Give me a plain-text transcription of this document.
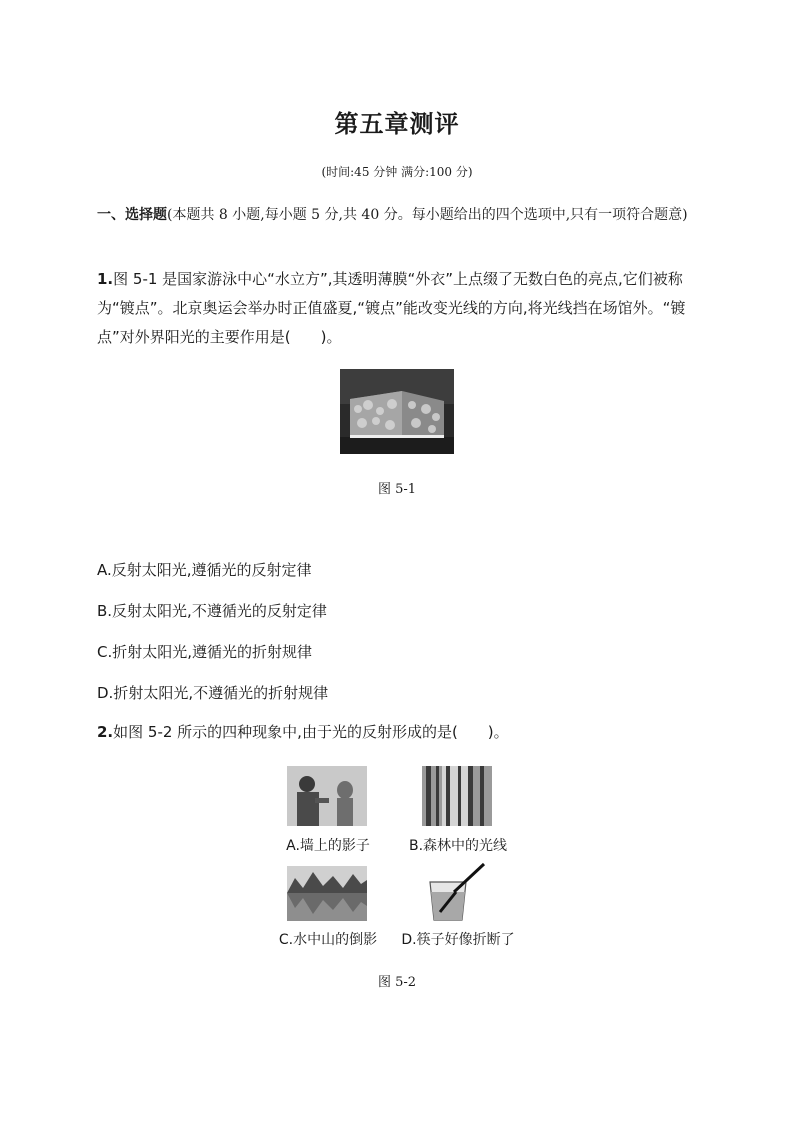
第五章测评
(时间:45 分钟 满分:100 分)
一、选择题(本题共 8 小题,每小题 5 分,共 40 分。每小题给出的四个选项中,只有一项符合题意)
1.图 5-1 是国家游泳中心“水立方”,其透明薄膜“外衣”上点缀了无数白色的亮点,它们被称为“镀点”。北京奥运会举办时正值盛夏,“镀点”能改变光线的方向,将光线挡在场馆外。“镀点”对外界阳光的主要作用是(　　)。
图 5-1
A.反射太阳光,遵循光的反射定律
B.反射太阳光,不遵循光的反射定律
C.折射太阳光,遵循光的折射规律
D.折射太阳光,不遵循光的折射规律
2.如图 5-2 所示的四种现象中,由于光的反射形成的是(　　)。
A.墙上的影子	B.森林中的光线
C.水中山的倒影	D.筷子好像折断了
图 5-2
